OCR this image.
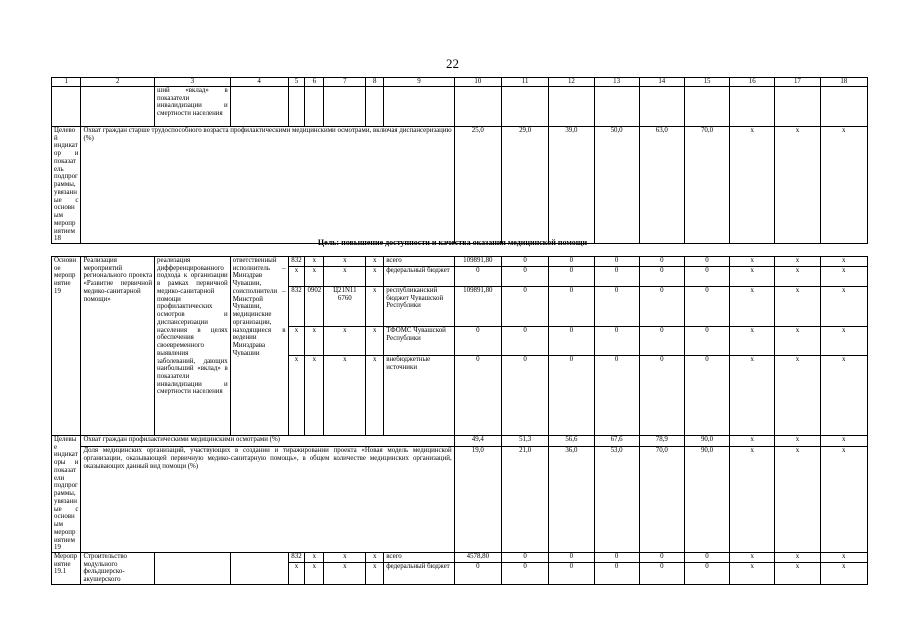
22
1	2	3	4	5	6	7	8	9	10	11	12	13	14	15	16	17	18
		ший «вклад» в показатели инвалидизации и смертности населения															
Целевой индикатор и показатель подпрограммы, увязанные с основным мероприятием 18	Охват граждан старше трудоспособного возраста профилактическими медицинскими осмотрами, включая диспансеризацию (%)								25,0	29,0	39,0	50,0	63,0	70,0	х	х	х
Цель: повышение доступности и качества оказания медицинской помощи
Основное мероприятие 19	Реализация мероприятий регионального проекта «Развитие первичной медико-санитарной помощи»	реализация дифференцированного подхода к организации в рамках первичной медико-санитарной помощи профилактических осмотров и диспансеризации населения в целях обеспечения своевременного выявления заболеваний, дающих наибольший «вклад» в показатели инвалидизации и смертности населения	ответственный исполнитель – Минздрав Чувашии, соисполнители – Минстрой Чувашии, медицинские организации, находящиеся в ведении Минздрава Чувашии	832	х	х	х	всего	109891,80	0	0	0	0	0	х	х	х
				х	х	х	х	федеральный бюджет	0	0	0	0	0	0	х	х	х
				832	0902	Ц21N11 6760	х	республиканский бюджет Чувашской Республики	109891,80	0	0	0	0	0	х	х	х
				х	х	х	х	ТФОМС Чувашской Республики	0	0	0	0	0	0	х	х	х
				х	х	х	х	внебюджетные источники	0	0	0	0	0	0	х	х	х
Целевые индикаторы и показатели подпрограммы, увязанные с основным мероприятием 19	Охват граждан профилактическими медицинскими осмотрами (%)								49,4	51,3	56,6	67,6	78,9	90,0	х	х	х
	Доля медицинских организаций, участвующих в создании и тиражировании проекта «Новая модель медицинской организации, оказывающей первичную медико-санитарную помощь», в общем количестве медицинских организаций, оказывающих данный вид помощи (%)								19,0	21,0	36,0	53,0	70,0	90,0	х	х	х
Мероприятие 19.1	Строительство модульного фельдшерско-акушерского			832	х	х	х	всего	4578,80	0	0	0	0	0	х	х	х
				х	х	х	х	федеральный бюджет	0	0	0	0	0	0	х	х	х
